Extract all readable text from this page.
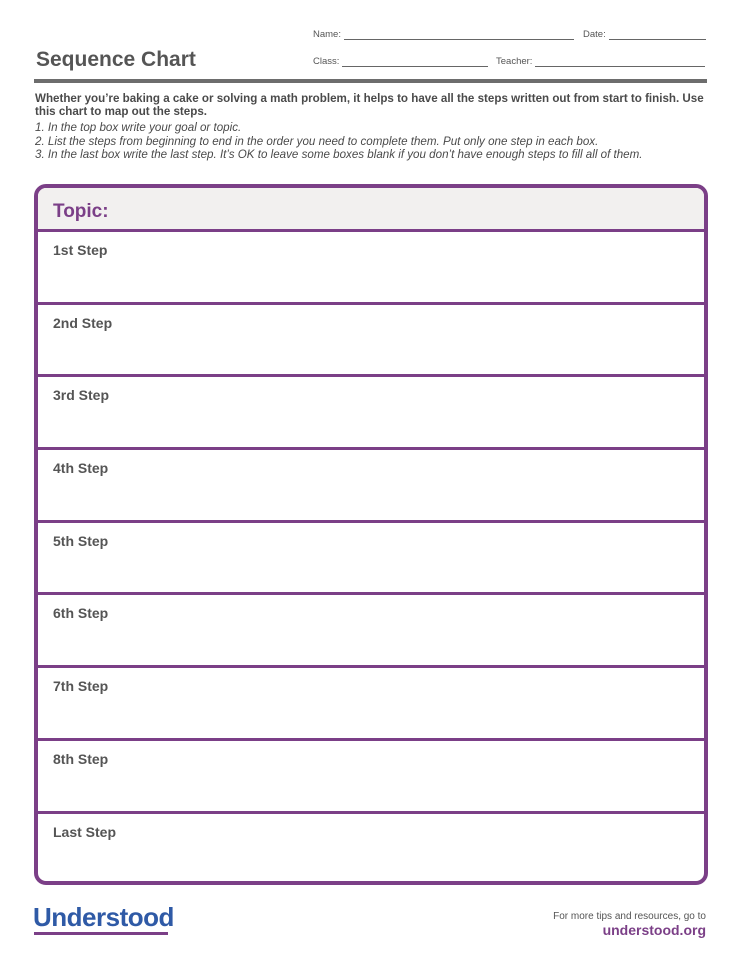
Sequence Chart
Name:	Date:
Class:	Teacher:
Whether you’re baking a cake or solving a math problem, it helps to have all the steps written out from start to finish. Use this chart to map out the steps.
1. In the top box write your goal or topic.
2. List the steps from beginning to end in the order you need to complete them. Put only one step in each box.
3. In the last box write the last step. It’s OK to leave some boxes blank if you don’t have enough steps to fill all of them.
Topic:
1st Step
2nd Step
3rd Step
4th Step
5th Step
6th Step
7th Step
8th Step
Last Step
Understood	For more tips and resources, go to
understood.org
